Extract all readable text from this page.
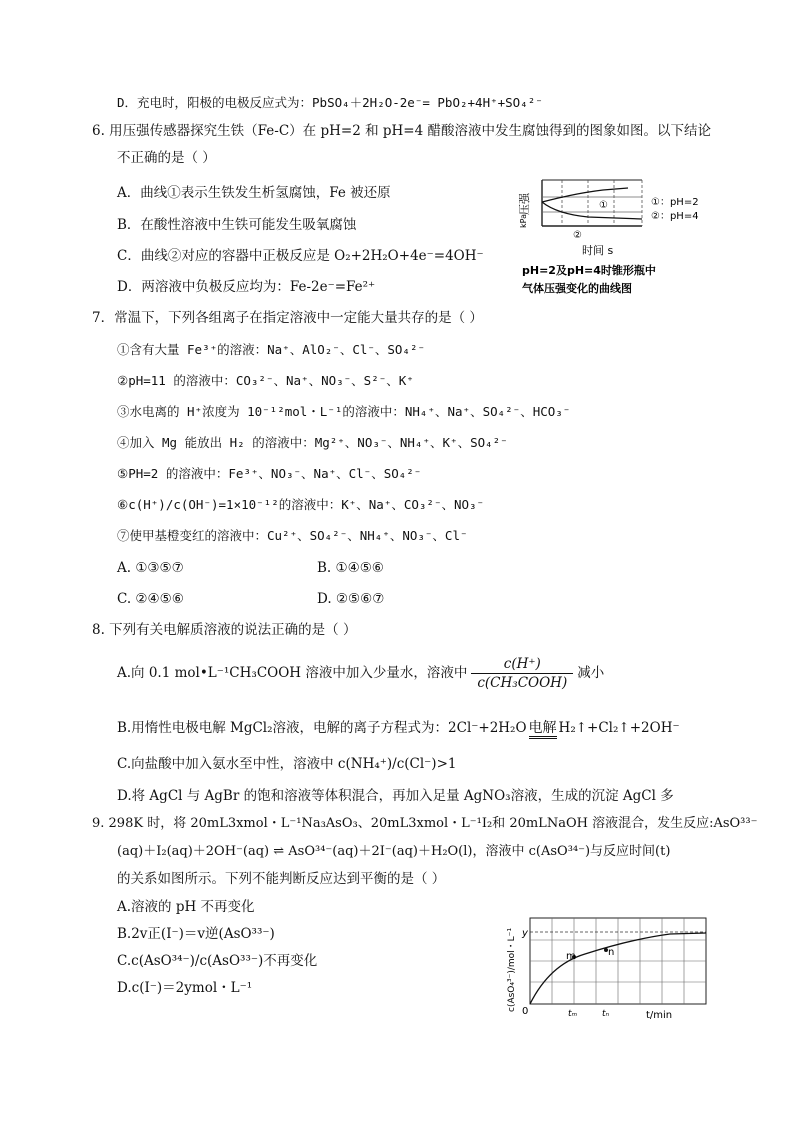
D．充电时，阳极的电极反应式为：PbSO₄＋2H₂O-2e⁻= PbO₂+4H⁺+SO₄²⁻
6. 用压强传感器探究生铁（Fe-C）在 pH=2 和 pH=4 醋酸溶液中发生腐蚀得到的图象如图。以下结论
不正确的是（ ）
A．曲线①表示生铁发生析氢腐蚀，Fe 被还原
B．在酸性溶液中生铁可能发生吸氧腐蚀
C．曲线②对应的容器中正极反应是 O₂+2H₂O+4e⁻=4OH⁻
D．两溶液中负极反应均为：Fe-2e⁻=Fe²⁺
压强
kPa
①
②
时间 s
①：pH=2
②：pH=4
pH=2及pH=4时锥形瓶中
气体压强变化的曲线图
7．常温下，下列各组离子在指定溶液中一定能大量共存的是（ ）
①含有大量 Fe³⁺的溶液：Na⁺、AlO₂⁻、Cl⁻、SO₄²⁻
②pH=11 的溶液中：CO₃²⁻、Na⁺、NO₃⁻、S²⁻、K⁺
③水电离的 H⁺浓度为 10⁻¹²mol・L⁻¹的溶液中：NH₄⁺、Na⁺、SO₄²⁻、HCO₃⁻
④加入 Mg 能放出 H₂ 的溶液中：Mg²⁺、NO₃⁻、NH₄⁺、K⁺、SO₄²⁻
⑤PH=2 的溶液中：Fe³⁺、NO₃⁻、Na⁺、Cl⁻、SO₄²⁻
⑥c(H⁺)/c(OH⁻)=1×10⁻¹²的溶液中：K⁺、Na⁺、CO₃²⁻、NO₃⁻
⑦使甲基橙变红的溶液中：Cu²⁺、SO₄²⁻、NH₄⁺、NO₃⁻、Cl⁻
A. ①③⑤⑦	B. ①④⑤⑥
C. ②④⑤⑥	D. ②⑤⑥⑦
8. 下列有关电解质溶液的说法正确的是（ ）
A.向 0.1 mol•L⁻¹CH₃COOH 溶液中加入少量水，溶液中 $\frac{c(H^+)}{\text{c(CH₃COOH)}}$ 减小
B.用惰性电极电解 MgCl₂溶液，电解的离子方程式为：2Cl⁻+2H₂O 电解 H₂↑+Cl₂↑+2OH⁻
C.向盐酸中加入氨水至中性，溶液中 c(NH₄⁺)/c(Cl⁻)>1
D.将 AgCl 与 AgBr 的饱和溶液等体积混合，再加入足量 AgNO₃溶液，生成的沉淀 AgCl 多
9. 298K 时，将 20mL3xmol・L⁻¹Na₃AsO₃、20mL3xmol・L⁻¹I₂和 20mLNaOH 溶液混合，发生反应:AsO³³⁻
(aq)＋I₂(aq)＋2OH⁻(aq) ⇌ AsO³⁴⁻(aq)＋2I⁻(aq)＋H₂O(l)，溶液中 c(AsO³⁴⁻)与反应时间(t)
的关系如图所示。下列不能判断反应达到平衡的是（ ）
A.溶液的 pH 不再变化
B.2v正(I⁻)＝v逆(AsO³³⁻)
C.c(AsO³⁴⁻)/c(AsO³³⁻)不再变化
D.c(I⁻)＝2ymol・L⁻¹
m	n
y
0	tₘ	tₙ	t/min
c(AsO₄³⁻)/mol・L⁻¹
